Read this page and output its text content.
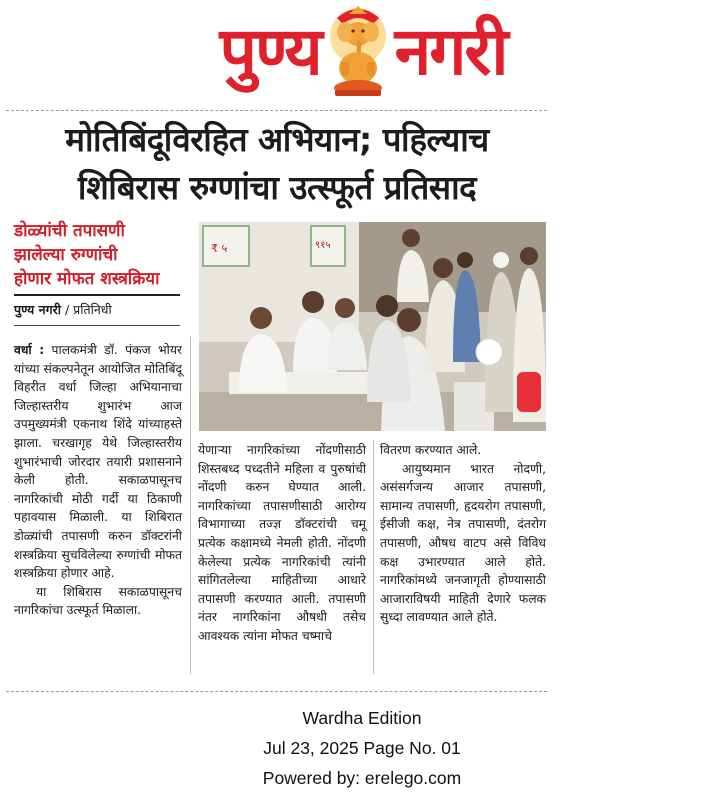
पुण्य नगरी
मोतिबिंदूविरहित अभियान; पहिल्याच
शिबिरास रुग्णांचा उत्स्फूर्त प्रतिसाद
डोळ्यांची तपासणी
झालेल्या रुग्णांची
होणार मोफत शस्त्रक्रिया
पुण्य नगरी / प्रतिनिधी

वर्धा : पालकमंत्री डॉ. पंकज भोयर यांच्या संकल्पनेतून आयोजित मोतिबिंदू विहरीत वर्धा जिल्हा अभियानाचा जिल्हास्तरीय शुभारंभ आज उपमुख्यमंत्री एकनाथ शिंदे यांच्याहस्ते झाला. चरखागृह येथे जिल्हास्तरीय शुभारंभाची जोरदार तयारी प्रशासनाने केली होती. सकाळपासूनच नागरिकांची मोठी गर्दी या ठिकाणी पहावयास मिळाली. या शिबिरात डोळ्यांची तपासणी करुन डॉक्टरांनी शस्त्रक्रिया सुचविलेल्या रुग्णांची मोफत शस्त्रक्रिया होणार आहे.

या शिबिरास सकाळपासूनच नागरिकांचा उत्स्फूर्त मिळाला.

₹ ५	९१५

येणाऱ्या नागरिकांच्या नोंदणीसाठी शिस्तबध्द पध्दतीने महिला व पुरुषांची नोंदणी करुन घेण्यात आली. नागरिकांच्या तपासणीसाठी आरोग्य विभागाच्या तज्ज्ञ डॉक्टरांची चमू प्रत्येक कक्षामध्ये नेमली होती. नोंदणी केलेल्या प्रत्येक नागरिकांची त्यांनी सांगितलेल्या माहितीच्या आधारे तपासणी करण्यात आली. तपासणी नंतर नागरिकांना औषधी तसेच आवश्यक त्यांना मोफत चष्माचे

वितरण करण्यात आले.

आयुष्यमान भारत नोदणी, असंसर्गजन्य आजार तपासणी, सामान्य तपासणी, हृदयरोग तपासणी, ईसीजी कक्ष, नेत्र तपासणी, दंतरोग तपासणी, औषध वाटप असे विविध कक्ष उभारण्यात आले होते. नागरिकांमध्ये जनजागृती होण्यासाठी आजाराविषयी माहिती देणारे फलक सुध्दा लावण्यात आले होते.

Wardha Edition
Jul 23, 2025 Page No. 01
Powered by: erelego.com
